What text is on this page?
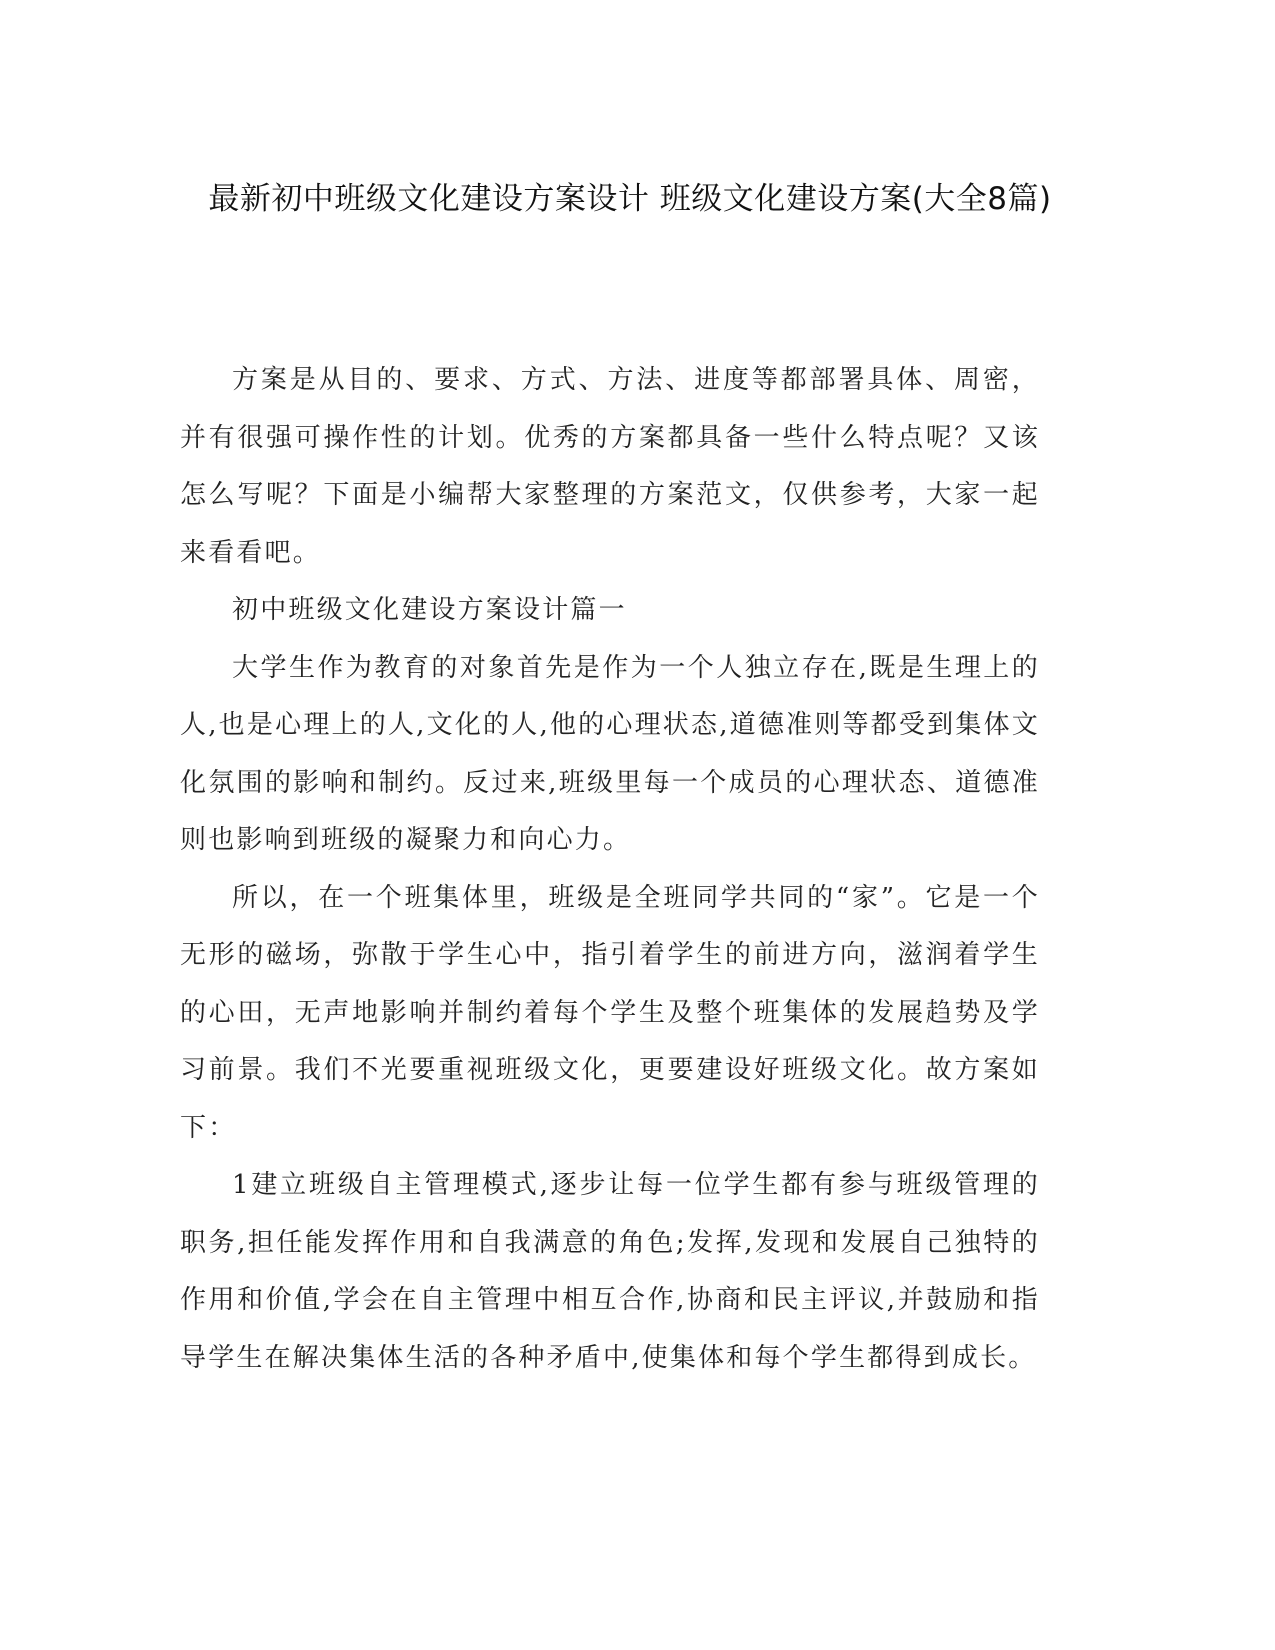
最新初中班级文化建设方案设计 班级文化建设方案(大全8篇)

方案是从目的、要求、方式、方法、进度等都部署具体、周密，并有很强可操作性的计划。优秀的方案都具备一些什么特点呢？又该怎么写呢？下面是小编帮大家整理的方案范文，仅供参考，大家一起来看看吧。

初中班级文化建设方案设计篇一

大学生作为教育的对象首先是作为一个人独立存在,既是生理上的人,也是心理上的人,文化的人,他的心理状态,道德准则等都受到集体文化氛围的影响和制约。反过来,班级里每一个成员的心理状态、道德准则也影响到班级的凝聚力和向心力。

所以，在一个班集体里，班级是全班同学共同的“家”。它是一个无形的磁场，弥散于学生心中，指引着学生的前进方向，滋润着学生的心田，无声地影响并制约着每个学生及整个班集体的发展趋势及学习前景。我们不光要重视班级文化，更要建设好班级文化。故方案如下：

1建立班级自主管理模式,逐步让每一位学生都有参与班级管理的职务,担任能发挥作用和自我满意的角色;发挥,发现和发展自己独特的作用和价值,学会在自主管理中相互合作,协商和民主评议,并鼓励和指导学生在解决集体生活的各种矛盾中,使集体和每个学生都得到成长。
